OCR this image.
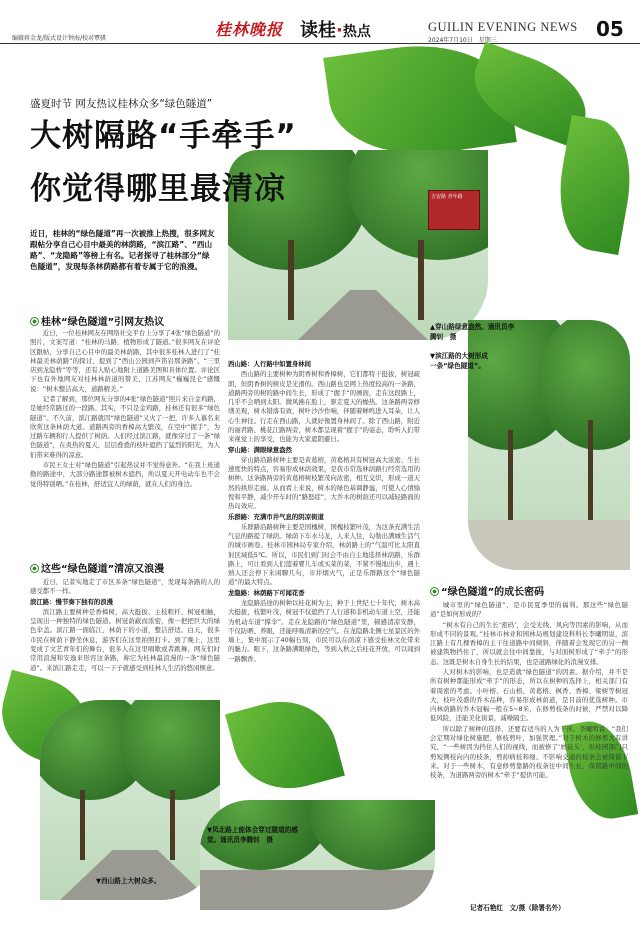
编辑蒋金龙/版式设计钟海/校对覃骐	桂林晚报 读桂·热点	GUILIN EVENING NEWS
2024年7月10日　星期三	05
吉安路 青年路
▲穿山路绿意盎然。通讯员李腾钊　摄
▼滨江路的大树形成一条“绿色隧道”。
▼西山路上大树众多。
▼凤北路上能体会穿过隧道的感觉。通讯员李腾钊　摄
盛夏时节 网友热议桂林众多“绿色隧道”
大树隔路“手牵手”
你觉得哪里最清凉
近日，桂林的“绿色隧道”再一次被推上热搜，很多网友跟帖分享自己心目中最美的林荫路，“滨江路”、“西山路”、“龙隐路”等榜上有名。记者探寻了桂林部分“绿色隧道”，发现每条林荫路都有着专属于它的浪漫。
桂林“绿色隧道”引网友热议

近日，一位桂林网友在网络社交平台上分享了4张“绿色隧道”的照片，文案写道：“桂林的马路，植物形成了隧道。”很多网友在评论区跟帖，分享自己心目中的最美林荫路，其中很多桂林人进行了“桂林最美林荫路”的探讨，提到了“西山公园到芦笛岩那条路”、“三里店到龙隐桥”等等，还有人贴心地附上道路美图和具体位置。评论区下也有外地网友对桂林林荫道的赞美，江苏网友“巍巍昆仑”感慨说：“树木整洁高大，道路精美。”

记者了解到，那位网友分享的4张“绿色隧道”照片来自金鸡路，是她经常路过的一段路。其实，不只是金鸡路，桂林还有很多“绿色隧道”。不久前，滨江路就因“绿色隧道”又火了一把，许多人慕名来欣赏这条林荫大道。道路两旁的香樟高大繁茂，在空中“握手”，为过路车辆和行人提供了树荫。人们经过滨江路，就像穿过了一条“绿色隧道”，在炎热的夏天，层层叠叠的枝叶遮挡了猛烈的阳光，为人们带来难得的凉意。

市民王女士对“绿色隧道”引起热议并不觉得意外。“在我上班通勤的路途中，大部分路途都被树木遮挡，所以夏天开电动车也不会觉得特别晒。”在桂林，舒适宜人的绿荫，就在人们的身边。

这些“绿色隧道”清凉又浪漫

近日，记者实地走了市区多条“绿色隧道”，发现每条路的人的感受都不一样。

滨江路：慢节奏下独有的浪漫

滨江路主要树种是香樟树，高大挺拔、主枝粗杆、树冠相触，呈现出一种独特的绿色隧道。树冠荫蔽而浓密，像一把把巨大的绿色伞盖。滨江路一面临江，林荫下的小道，整洁舒适。白天，很多市民在树荫下静坐休息，游客们在这里拍照打卡。到了晚上，这里变成了文艺青年们的舞台，很多人在这里唱歌或者跳舞，网友们时常用浪漫和安逸来形容这条路，称它为桂林最浪漫的一条“绿色隧道”。来滨江路走走，可以一下子就感受到桂林人生活的悠闲惬意。

西山路：人行路中如置身林间

西山路的主要树种为阴香树和香樟树，它们都特干挺拔，树冠疏朗，但阴香树的树皮是光滑的。西山路也是网上热度较高的一条路，道路两旁的树的路中间生长，形成了“握手”的画面，走在这段路上，几乎不会晒到太阳。微风拂在脸上，驱走夏天的燥热。这条路两旁修缮美观，树木错落有致，树叶沙沙作响，伴随着蝉鸣进入耳朵，让人心生神往。行走在西山路，人就好像置身林间了。除了西山路，附近的丽君路、桃花江路两旁，树木都呈现着“握手”的姿态，聆听人们带来视觉上的享受，也能为大家遮阴避日。

穿山路：满眼绿意盎然

穿山路沿路树种主要是黄葛榕，黄葛榕具有树冠高大浓密、生长速度快的特点，容易形成林荫效果，是我市常选林荫路行经常选用的树种。这条路两旁的黄葛榕树枝繁茂向浓密，相互交织，形成一道天然的拱形走廊。从而看上来说，树木的绿色基调静谧，可使人心情愉悦和平静，减少开车时的“路怒症”，大乔木的树荫还可以减轻路面的热岛效应。

乐群路：充满市井气息的阴凉街道

乐群路沿路树种主要是国槐树，国槐枝繁叶茂，为这条充满生活气息的路提了绿荫。绿荫下车水马龙，人来人往，勾勒出满城生活气的城市画卷。桂林市园林局专家介绍，林荫路上的“气温可比太阳直射区域低5℃。所以，市民们到门时会不由自主地选择林荫路，乐群路上，可让看到人们篮着婴儿车或买菜的菜，不紧不慢地出步，遇上熟人还会停下来闲聊几句，市井烟火气，正是乐群路这个“绿色隧道”的最大特点。

龙隐路：林荫路下可闻花香

龙隐路沿途的树种以桂花树为主，种于上世纪七十年代，树木高大挺拔，枝繁叶茂，树冠不仅遮挡了人行道和非机动车道上空，还能为机动车道“撑伞”。走在龙隐路的“绿色隧道”里，顿感清凉安静，不仅防晒、养眼，还能呼吸清新的空气。在龙隐路北侧七星景区的外墙上，集中展示了40幅石刻，市民可以在荫凉下感受桂林文化带来的魅力。眼下，这条路满眼绿色，等到入秋之后桂花开放，可以闻到一路飘香。

“绿色隧道”的成长密码

城市里的“绿色隧道”，是市民夏季里的福利。那这些“绿色隧道”是如何形成的？

“树木有自己的生长‘密码’，会受光线、风向等因素的影响，从而形成不同的景观。”桂林市林业和园林局规划建设科科长李曦明说，滨江路上有几棵香樟的主干往道路中间倾斜，伴随着会发现它的另一侧被建筑物挡住了，所以就会往中间靠拢，与对面树形成了“牵手”的形态。这既是树木自身生长的结果，也是道路绿化的浪漫安排。

人对树木的影响，也是造就“绿色隧道”的因素。据介绍，并不是所有树种都能形成“牵手”的形态，所以在树种的选择上，相关部门有着周密的考虑。小叶榕、石山榕、黄葛榕、枫香、香樟、梁树等树冠大，枝叶茂盛的乔木品种，容易形成林荫道，是目前的优选树种。市内林荫路的乔木冠幅一般在5~8米，在修剪枝条的时候，严禁对以降低风险，还能美化街景，减噪隔尘。

所以除了树种的选择，还要有适当的人为干预。李曦明说：“我们会定期对绿化树施肥、修枝剪叶，加强管理。”对于树木的修剪大有讲究，“一些树因为挡住人们的视线，而被修了‘磨菇头’，但桂园部门只剪短侧枝向内的枝条，剪掉病枝和细、不影响交通的枝条会被保留下来。对于一些树木，有意修剪靠路的枝条往中间生长，保留路中间的枝条，为道路两旁的树木“牵手”提供可能。

记者石艳红　文/摄（除署名外）
